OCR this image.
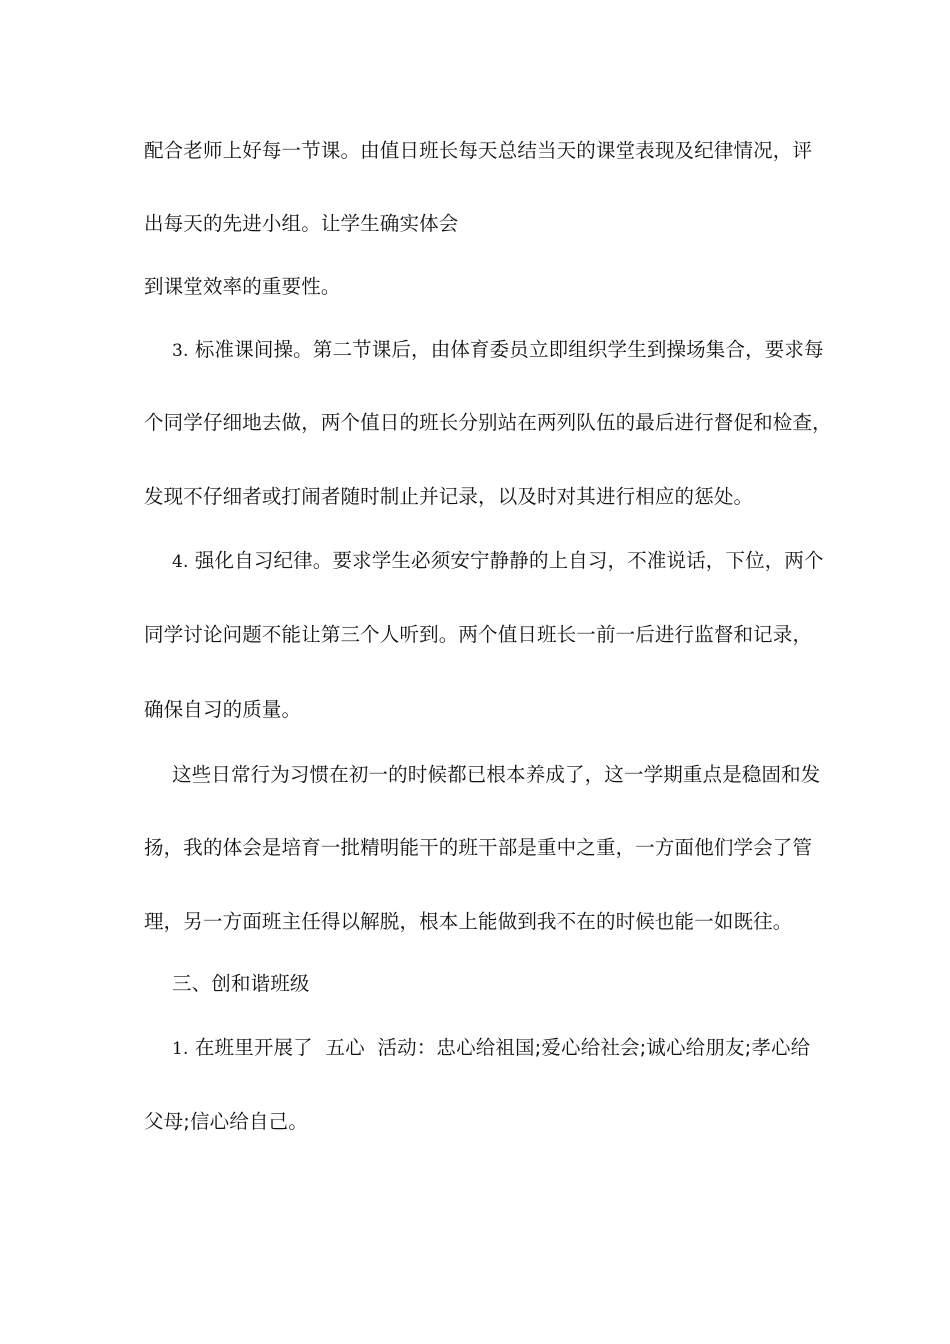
配合老师上好每一节课。由值日班长每天总结当天的课堂表现及纪律情况，评
出每天的先进小组。让学生确实体会
到课堂效率的重要性。
3. 标准课间操。第二节课后，由体育委员立即组织学生到操场集合，要求每
个同学仔细地去做，两个值日的班长分别站在两列队伍的最后进行督促和检查，
发现不仔细者或打闹者随时制止并记录，以及时对其进行相应的惩处。
4. 强化自习纪律。要求学生必须安宁静静的上自习，不准说话，下位，两个
同学讨论问题不能让第三个人听到。两个值日班长一前一后进行监督和记录，
确保自习的质量。
这些日常行为习惯在初一的时候都已根本养成了，这一学期重点是稳固和发
扬，我的体会是培育一批精明能干的班干部是重中之重，一方面他们学会了管
理，另一方面班主任得以解脱，根本上能做到我不在的时候也能一如既往。
三、创和谐班级
1. 在班里开展了  五心  活动：忠心给祖国;爱心给社会;诚心给朋友;孝心给
父母;信心给自己。
